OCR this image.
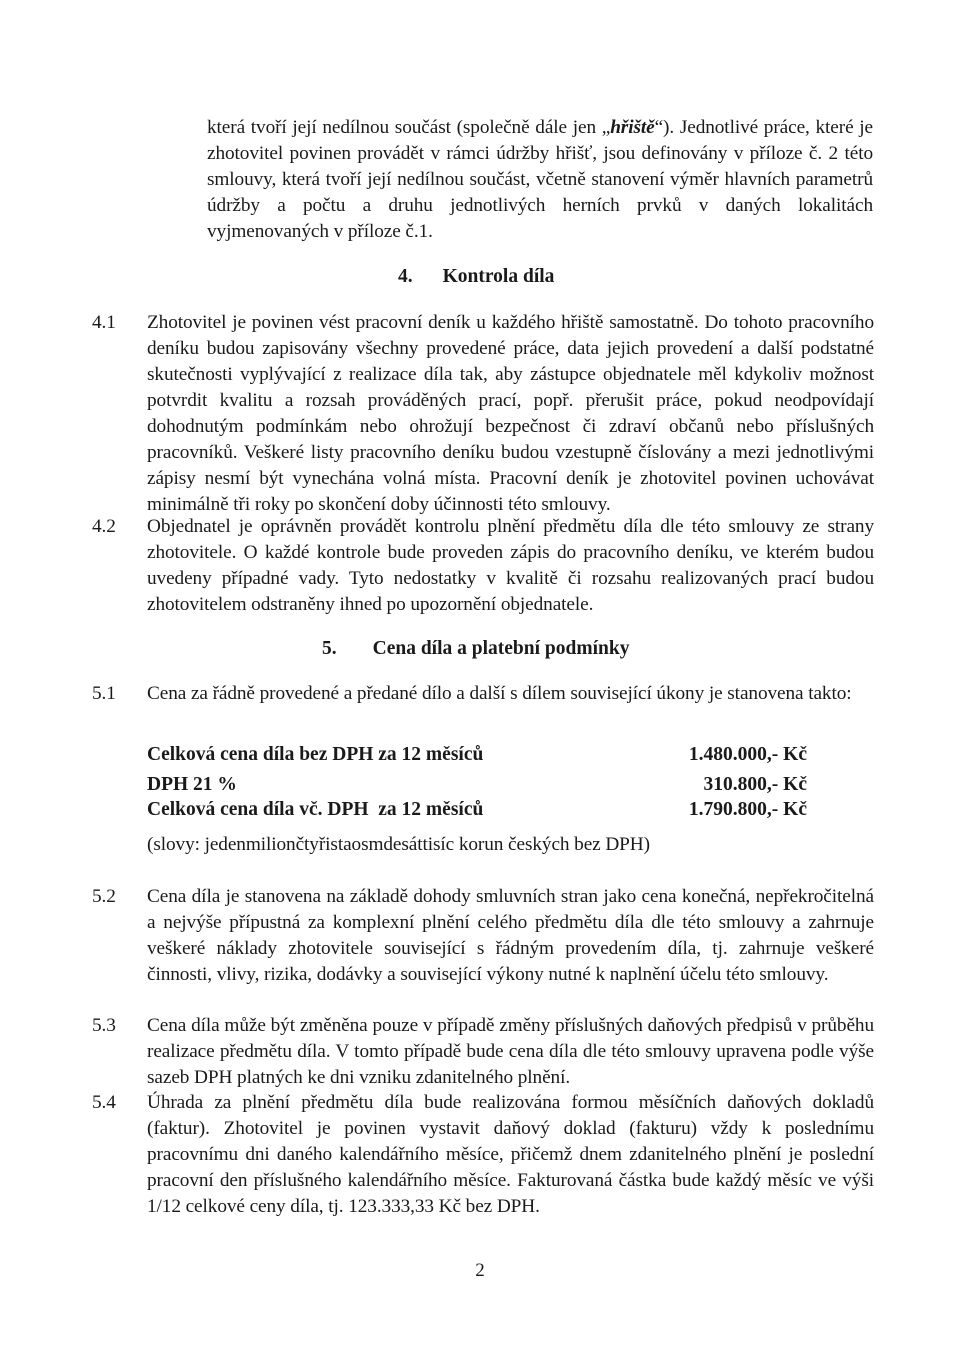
která tvoří její nedílnou součást (společně dále jen „hřiště“). Jednotlivé práce, které je zhotovitel povinen provádět v rámci údržby hřišť, jsou definovány v příloze č. 2 této smlouvy, která tvoří její nedílnou součást, včetně stanovení výměr hlavních parametrů údržby a počtu a druhu jednotlivých herních prvků v daných lokalitách vyjmenovaných v příloze č.1.
4. Kontrola díla
4.1	Zhotovitel je povinen vést pracovní deník u každého hřiště samostatně. Do tohoto pracovního deníku budou zapisovány všechny provedené práce, data jejich provedení a další podstatné skutečnosti vyplývající z realizace díla tak, aby zástupce objednatele měl kdykoliv možnost potvrdit kvalitu a rozsah prováděných prací, popř. přerušit práce, pokud neodpovídají dohodnutým podmínkám nebo ohrožují bezpečnost či zdraví občanů nebo příslušných pracovníků. Veškeré listy pracovního deníku budou vzestupně číslovány a mezi jednotlivými zápisy nesmí být vynechána volná místa. Pracovní deník je zhotovitel povinen uchovávat minimálně tři roky po skončení doby účinnosti této smlouvy.
4.2	Objednatel je oprávněn provádět kontrolu plnění předmětu díla dle této smlouvy ze strany zhotovitele. O každé kontrole bude proveden zápis do pracovního deníku, ve kterém budou uvedeny případné vady. Tyto nedostatky v kvalitě či rozsahu realizovaných prací budou zhotovitelem odstraněny ihned po upozornění objednatele.
5. Cena díla a platební podmínky
5.1	Cena za řádně provedené a předané dílo a další s dílem související úkony je stanovena takto:
Celková cena díla bez DPH za 12 měsíců	1.480.000,- Kč
DPH 21 %	310.800,- Kč
Celková cena díla vč. DPH  za 12 měsíců	1.790.800,- Kč
(slovy: jedenmiliončtyřistaosmdesáttisíc korun českých bez DPH)
5.2	Cena díla je stanovena na základě dohody smluvních stran jako cena konečná, nepřekročitelná a nejvýše přípustná za komplexní plnění celého předmětu díla dle této smlouvy a zahrnuje veškeré náklady zhotovitele související s řádným provedením díla, tj. zahrnuje veškeré činnosti, vlivy, rizika, dodávky a související výkony nutné k naplnění účelu této smlouvy.
5.3	Cena díla může být změněna pouze v případě změny příslušných daňových předpisů v průběhu realizace předmětu díla. V tomto případě bude cena díla dle této smlouvy upravena podle výše sazeb DPH platných ke dni vzniku zdanitelného plnění.
5.4	Úhrada za plnění předmětu díla bude realizována formou měsíčních daňových dokladů (faktur). Zhotovitel je povinen vystavit daňový doklad (fakturu) vždy k poslednímu pracovnímu dni daného kalendářního měsíce, přičemž dnem zdanitelného plnění je poslední pracovní den příslušného kalendářního měsíce. Fakturovaná částka bude každý měsíc ve výši 1/12 celkové ceny díla, tj. 123.333,33 Kč bez DPH.
2
